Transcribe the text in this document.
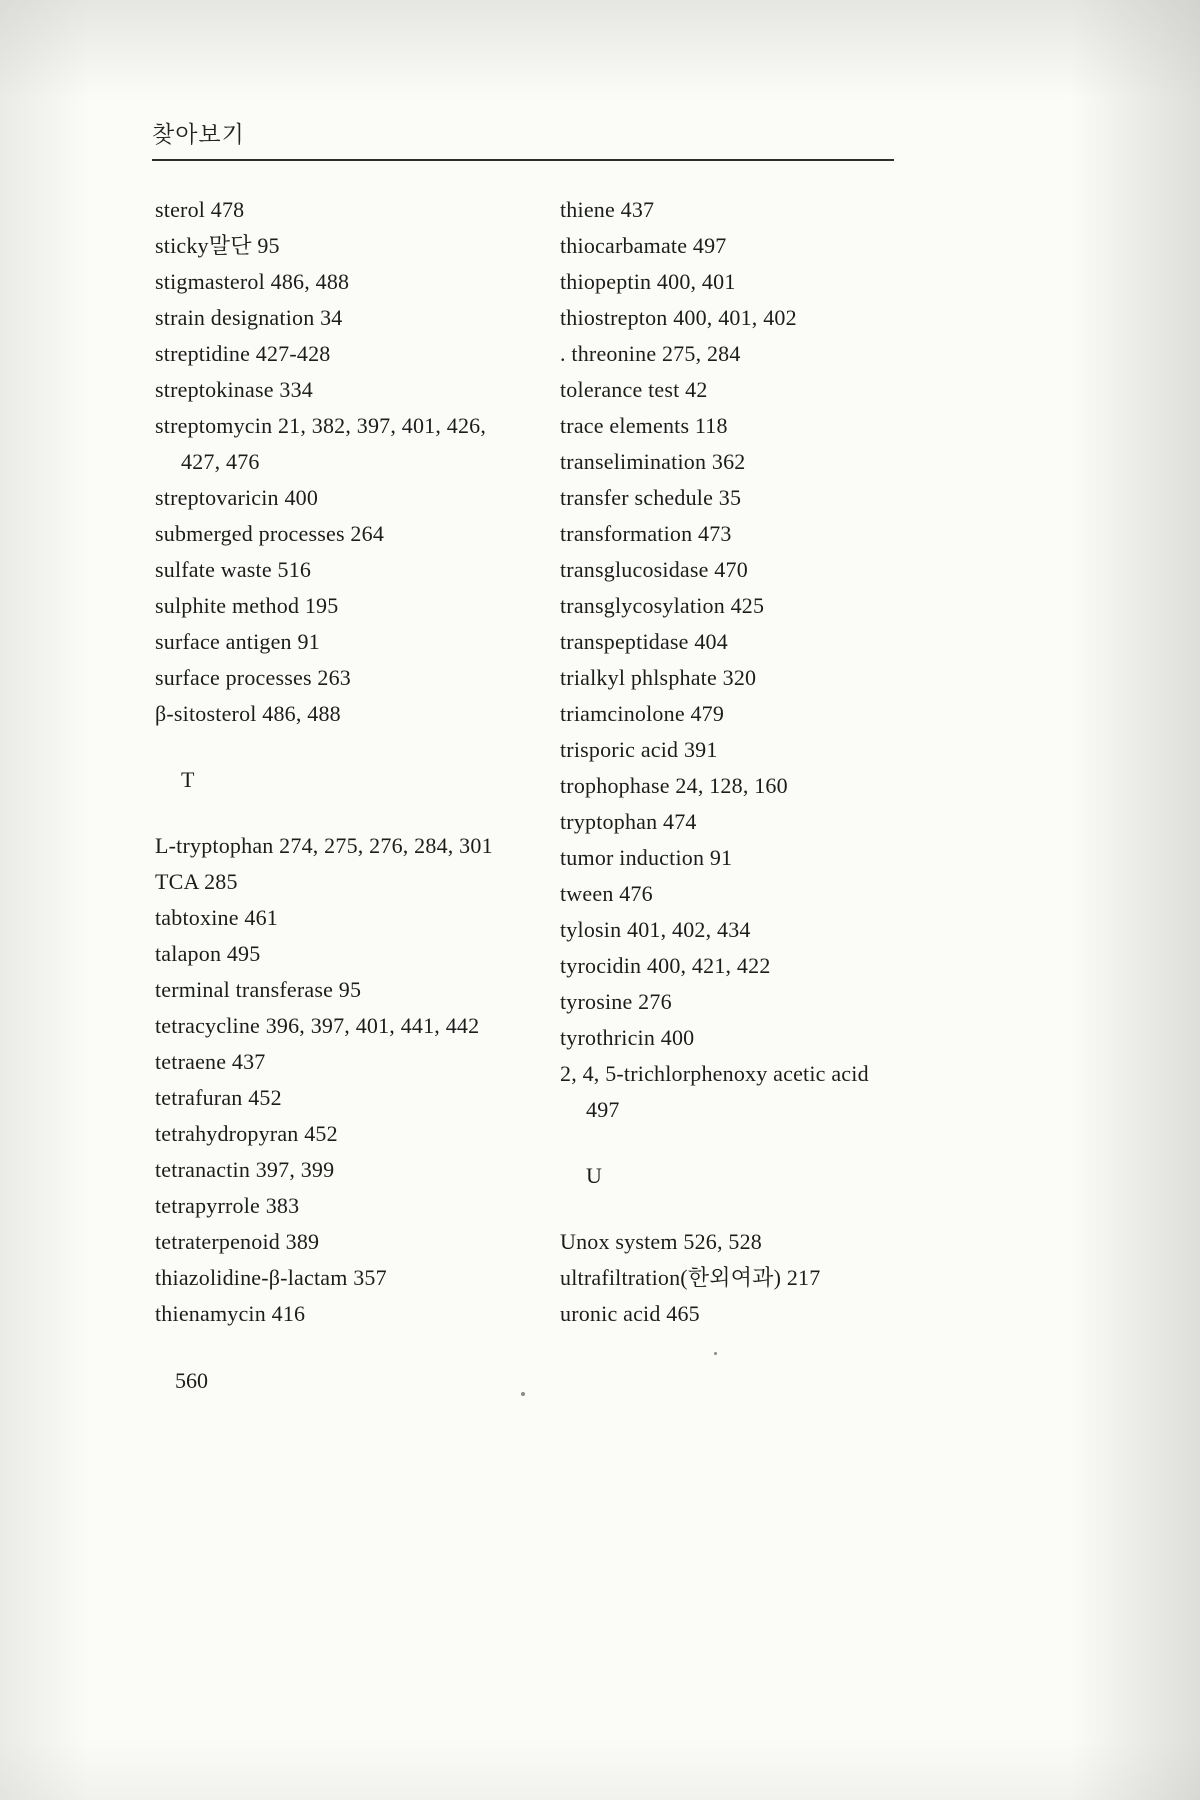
찾아보기
sterol 478
sticky말단 95
stigmasterol 486, 488
strain designation 34
streptidine 427-428
streptokinase 334
streptomycin 21, 382, 397, 401, 426,
427, 476
streptovaricin 400
submerged processes 264
sulfate waste 516
sulphite method 195
surface antigen 91
surface processes 263
β-sitosterol 486, 488
T
L-tryptophan 274, 275, 276, 284, 301
TCA 285
tabtoxine 461
talapon 495
terminal transferase 95
tetracycline 396, 397, 401, 441, 442
tetraene 437
tetrafuran 452
tetrahydropyran 452
tetranactin 397, 399
tetrapyrrole 383
tetraterpenoid 389
thiazolidine-β-lactam 357
thienamycin 416
thiene 437
thiocarbamate 497
thiopeptin 400, 401
thiostrepton 400, 401, 402
. threonine 275, 284
tolerance test 42
trace elements 118
transelimination 362
transfer schedule 35
transformation 473
transglucosidase 470
transglycosylation 425
transpeptidase 404
trialkyl phlsphate 320
triamcinolone 479
trisporic acid 391
trophophase 24, 128, 160
tryptophan 474
tumor induction 91
tween 476
tylosin 401, 402, 434
tyrocidin 400, 421, 422
tyrosine 276
tyrothricin 400
2, 4, 5-trichlorphenoxy acetic acid
497
U
Unox system 526, 528
ultrafiltration(한외여과) 217
uronic acid 465
560
